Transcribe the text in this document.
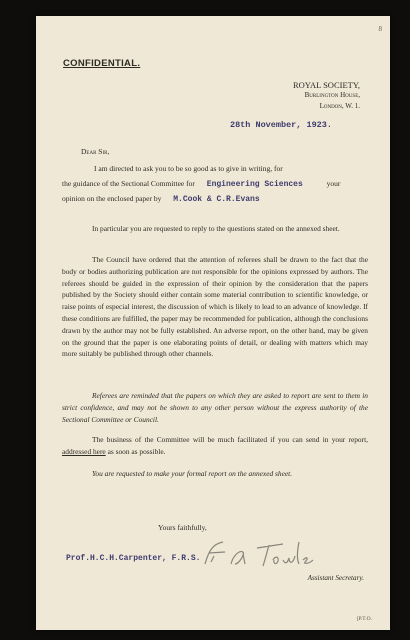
8
CONFIDENTIAL.
ROYAL SOCIETY,
Burlington House,
London, W. 1.
28th November, 1923.
Dear Sir,
I am directed to ask you to be so good as to give in writing, for
the guidance of the Sectional Committee for Engineering Sciences	your
opinion on the enclosed paper by M.Cook & C.R.Evans
In particular you are requested to reply to the questions stated on the annexed sheet.
The Council have ordered that the attention of referees shall be drawn to the fact that the body or bodies authorizing publication are not responsible for the opinions expressed by authors. The referees should be guided in the expression of their opinion by the consideration that the papers published by the Society should either contain some material contribution to scientific knowledge, or raise points of especial interest, the discussion of which is likely to lead to an advance of knowledge. If these conditions are fulfilled, the paper may be recommended for publication, although the conclusions drawn by the author may not be fully established. An adverse report, on the other hand, may be given on the ground that the paper is one elaborating points of detail, or dealing with matters which may more suitably be published through other channels.
Referees are reminded that the papers on which they are asked to report are sent to them in strict confidence, and may not be shown to any other person without the express authority of the Sectional Committee or Council.
The business of the Committee will be much facilitated if you can send in your report, addressed here as soon as possible.
You are requested to make your formal report on the annexed sheet.
Yours faithfully,
Prof.H.C.H.Carpenter, F.R.S.
Assistant Secretary.
[P.T.O.
